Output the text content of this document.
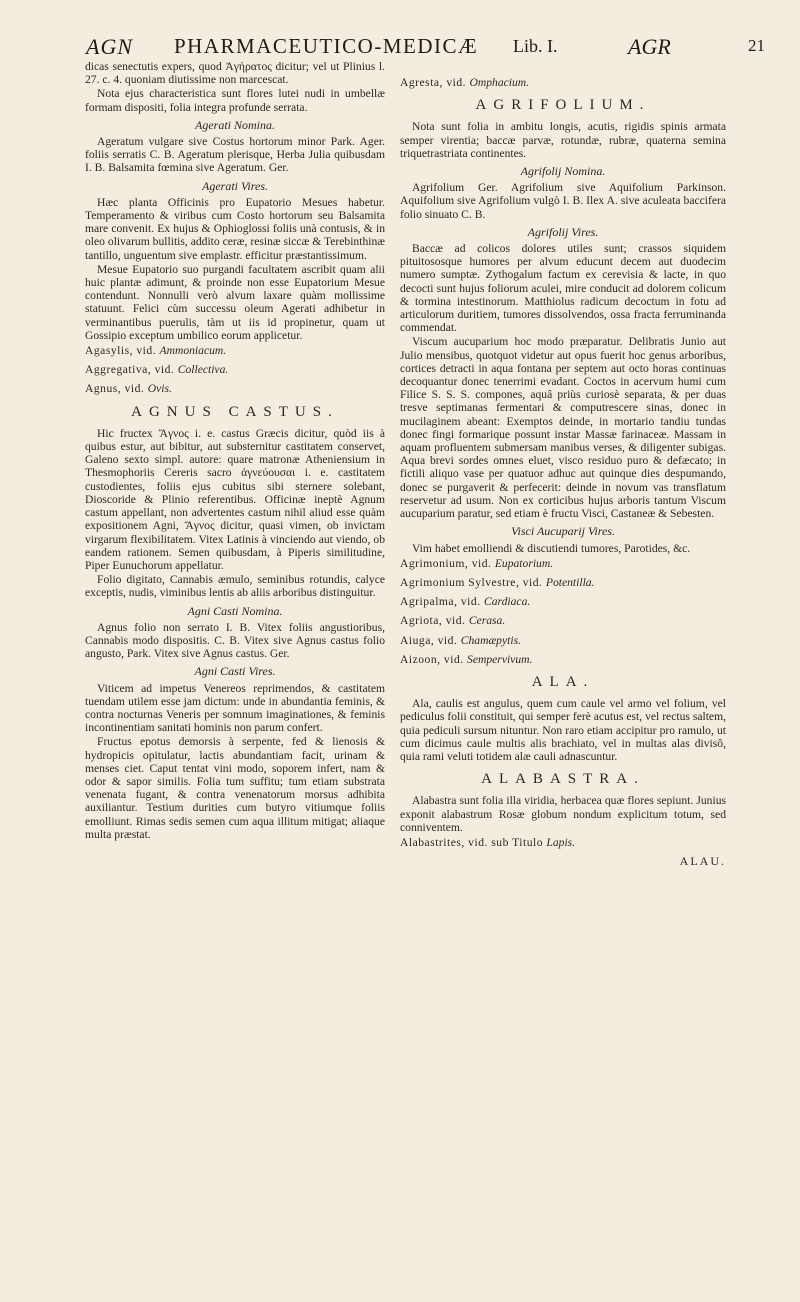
AGN PHARMACEUTICO-MEDICÆ Lib. I.	AGR	21

dicas senectutis expers, quod Ἀγήρατος dicitur; vel ut Plinius l. 27. c. 4. quoniam diutissime non marcescat.

Nota ejus characteristica sunt flores lutei nudi in umbellæ formam dispositi, folia integra profunde serrata.

Agerati Nomina.

Ageratum vulgare sive Costus hortorum minor Park. Ager. foliis serratis C. B. Ageratum plerisque, Herba Julia quibusdam I. B. Balsamita fœmina sive Ageratum. Ger.

Agerati Vires.

Hæc planta Officinis pro Eupatorio Mesues habetur. Temperamento & viribus cum Costo hortorum seu Balsamita mare convenit. Ex hujus & Ophioglossi foliis unà contusis, & in oleo olivarum bullitis, addito ceræ, resinæ siccæ & Terebinthinæ tantillo, unguentum sive emplastr. efficitur præstantissimum.

Mesue Eupatorio suo purgandi facultatem ascribit quam alii huic plantæ adimunt, & proinde non esse Eupatorium Mesue contendunt. Nonnulli verò alvum laxare quàm mollissime statuunt. Felici cùm successu oleum Agerati adhibetur in verminantibus puerulis, tàm ut iis id propinetur, quam ut Gossipio exceptum umbilico eorum applicetur.

Agasylis, vid. Ammoniacum.
Aggregativa, vid. Collectiva.
Agnus, vid. Ovis.
AGNUS CASTUS.

Hic fructex Ἄγνος i. e. castus Græcis dicitur, quòd iis à quibus estur, aut bibitur, aut substernitur castitatem conservet, Galeno sexto simpl. autore: quare matronæ Atheniensium in Thesmophoriis Cereris sacro ἀγνεύουσαι i. e. castitatem custodientes, foliis ejus cubitus sibi sternere solebant, Dioscoride & Plinio referentibus. Officinæ ineptè Agnum castum appellant, non advertentes castum nihil aliud esse quàm expositionem Agni, Ἄγνος dicitur, quasi vimen, ob invictam virgarum flexibilitatem. Vitex Latinis à vinciendo aut viendo, ob eandem rationem. Semen quibusdam, à Piperis similitudine, Piper Eunuchorum appellatur.

Folio digitato, Cannabis æmulo, seminibus rotundis, calyce exceptis, nudis, viminibus lentis ab aliis arboribus distinguitur.

Agni Casti Nomina.

Agnus folio non serrato I. B. Vitex foliis angustioribus, Cannabis modo dispositis. C. B. Vitex sive Agnus castus folio angusto, Park. Vitex sive Agnus castus. Ger.

Agni Casti Vires.

Viticem ad impetus Venereos reprimendos, & castitatem tuendam utilem esse jam dictum: unde in abundantia feminis, & contra nocturnas Veneris per somnum imaginationes, & feminis incontinentiam sanitati hominis non parum confert.

Fructus epotus demorsis à serpente, fed & lienosis & hydropicis opitulatur, lactis abundantiam facit, urinam & menses ciet. Caput tentat vini modo, soporem infert, nam & odor & sapor similis. Folia tum suffitu; tum etiam substrata venenata fugant, & contra venenatorum morsus adhibita auxiliantur. Testium durities cum butyro vitiumque foliis emolliunt. Rimas sedis semen cum aqua illitum mitigat; aliaque multa præstat.

Agresta, vid. Omphacium.
AGRIFOLIUM.

Nota sunt folia in ambitu longis, acutis, rigidis spinis armata semper virentia; baccæ parvæ, rotundæ, rubræ, quaterna semina triquetrastriata continentes.

Agrifolij Nomina.

Agrifolium Ger. Agrifolium sive Aquifolium Parkinson. Aquifolium sive Agrifolium vulgò I. B. Ilex A. sive aculeata baccifera folio sinuato C. B.

Agrifolij Vires.

Baccæ ad colicos dolores utiles sunt; crassos siquidem pituitososque humores per alvum educunt decem aut duodecim numero sumptæ. Zythogalum factum ex cerevisia & lacte, in quo decocti sunt hujus foliorum aculei, mire conducit ad dolorem colicum & tormina intestinorum. Matthiolus radicum decoctum in fotu ad articulorum duritiem, tumores dissolvendos, ossa fracta ferruminanda commendat.

Viscum aucuparium hoc modo præparatur. Delibratis Junio aut Julio mensibus, quotquot videtur aut opus fuerit hoc genus arboribus, cortices detracti in aqua fontana per septem aut octo horas continuas decoquantur donec tenerrimi evadant. Coctos in acervum humi cum Filice S. S. S. compones, aquâ priùs curiosè separata, & per duas tresve septimanas fermentari & computrescere sinas, donec in mucilaginem abeant: Exemptos deinde, in mortario tandiu tundas donec fingi formarique possunt instar Massæ farinaceæ. Massam in aquam profluentem submersam manibus verses, & diligenter subigas. Aqua brevi sordes omnes eluet, visco residuo puro & defæcato; in fictili aliquo vase per quatuor adhuc aut quinque dies despumando, donec se purgaverit & perfecerit: deinde in novum vas transflatum reservetur ad usum. Non ex corticibus hujus arboris tantum Viscum aucuparium paratur, sed etiam è fructu Visci, Castaneæ & Sebesten.

Visci Aucuparij Vires.

Vim habet emolliendi & discutiendi tumores, Parotides, &c.

Agrimonium, vid. Eupatorium.
Agrimonium Sylvestre, vid. Potentilla.
Agripalma, vid. Cardiaca.
Agriota, vid. Cerasa.
Aiuga, vid. Chamæpytis.
Aizoon, vid. Sempervivum.
ALA.

Ala, caulis est angulus, quem cum caule vel armo vel folium, vel pediculus folii constituit, qui semper ferè acutus est, vel rectus saltem, quia pediculi sursum nituntur. Non raro etiam accipitur pro ramulo, ut cum dicimus caule multis alis brachiato, vel in multas alas divisô, quia rami veluti totidem alæ cauli adnascuntur.

ALABASTRA.

Alabastra sunt folia illa viridia, herbacea quæ flores sepiunt. Junius exponit alabastrum Rosæ globum nondum explicitum totum, sed conniventem.

Alabastrites, vid. sub Titulo Lapis.
ALAU.
